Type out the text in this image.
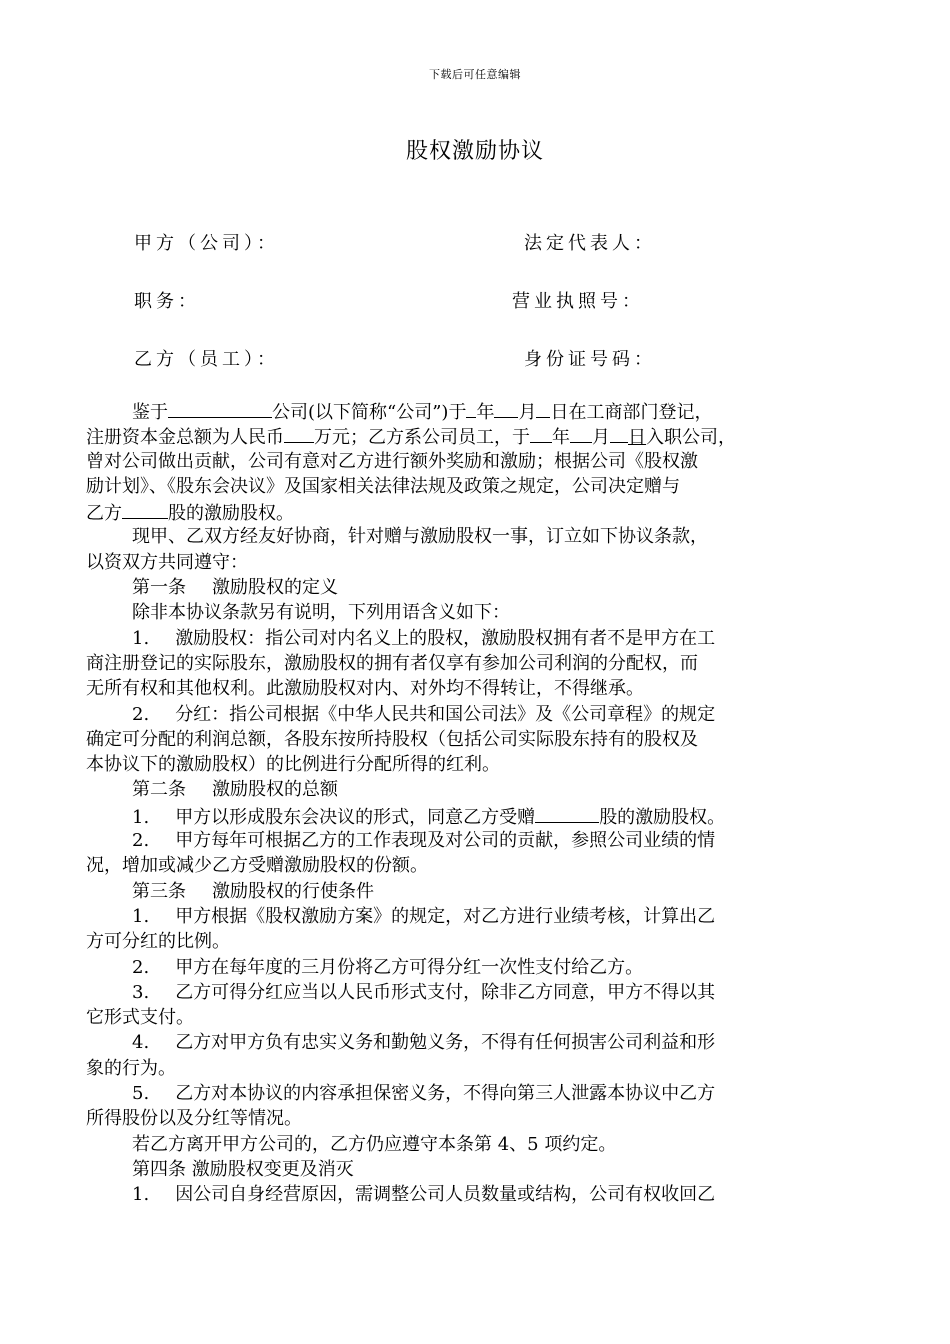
下载后可任意编辑
股权激励协议
甲方（公司）：	法定代表人：
职务：	营业执照号：
乙方（员工）：	身份证号码：
鉴于	公司(以下简称“公司”)于 年 月 日在工商部门登记，
注册资本金总额为人民币 万元；乙方系公司员工，于 年 月 日入职公司，
曾对公司做出贡献，公司有意对乙方进行额外奖励和激励；根据公司《股权激
励计划》、《股东会决议》及国家相关法律法规及政策之规定，公司决定赠与
乙方	股的激励股权。
现甲、乙双方经友好协商，针对赠与激励股权一事，订立如下协议条款，
以资双方共同遵守：
第一条 激励股权的定义
除非本协议条款另有说明，下列用语含义如下：
1. 激励股权：指公司对内名义上的股权，激励股权拥有者不是甲方在工
商注册登记的实际股东，激励股权的拥有者仅享有参加公司利润的分配权，而
无所有权和其他权利。此激励股权对内、对外均不得转让，不得继承。
2. 分红：指公司根据《中华人民共和国公司法》及《公司章程》的规定
确定可分配的利润总额，各股东按所持股权（包括公司实际股东持有的股权及
本协议下的激励股权）的比例进行分配所得的红利。
第二条 激励股权的总额
1. 甲方以形成股东会决议的形式，同意乙方受赠	股的激励股权。
2. 甲方每年可根据乙方的工作表现及对公司的贡献，参照公司业绩的情
况，增加或减少乙方受赠激励股权的份额。
第三条 激励股权的行使条件
1. 甲方根据《股权激励方案》的规定，对乙方进行业绩考核，计算出乙
方可分红的比例。
2. 甲方在每年度的三月份将乙方可得分红一次性支付给乙方。
3. 乙方可得分红应当以人民币形式支付，除非乙方同意，甲方不得以其
它形式支付。
4. 乙方对甲方负有忠实义务和勤勉义务，不得有任何损害公司利益和形
象的行为。
5. 乙方对本协议的内容承担保密义务，不得向第三人泄露本协议中乙方
所得股份以及分红等情况。
若乙方离开甲方公司的，乙方仍应遵守本条第 4、5 项约定。
第四条 激励股权变更及消灭
1. 因公司自身经营原因，需调整公司人员数量或结构，公司有权收回乙
